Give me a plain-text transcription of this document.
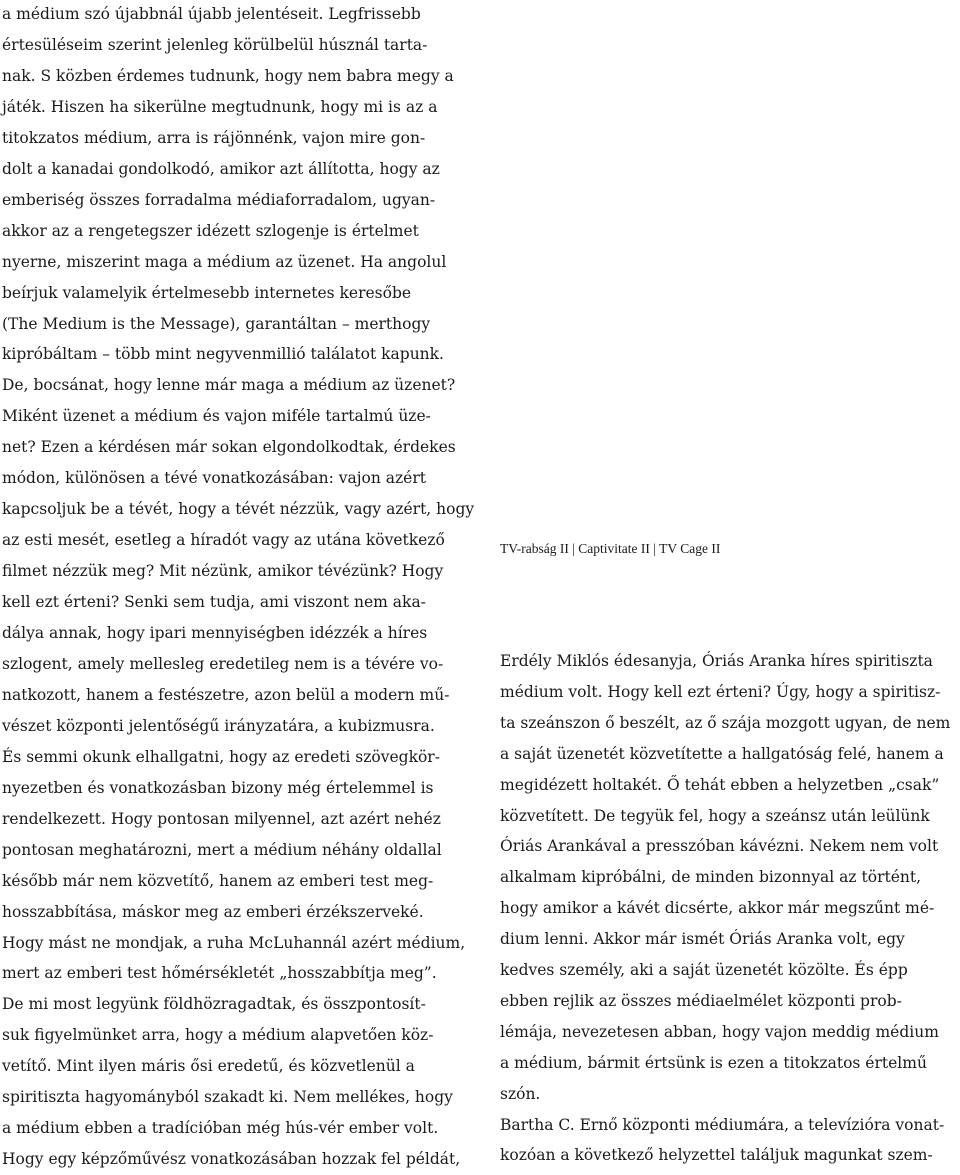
a médium szó újabbnál újabb jelentéseit. Legfrissebb
értesüléseim szerint jelenleg körülbelül húsznál tarta-
nak. S közben érdemes tudnunk, hogy nem babra megy a
játék. Hiszen ha sikerülne megtudnunk, hogy mi is az a
titokzatos médium, arra is rájönnénk, vajon mire gon-
dolt a kanadai gondolkodó, amikor azt állította, hogy az
emberiség összes forradalma médiaforradalom, ugyan-
akkor az a rengetegszer idézett szlogenje is értelmet
nyerne, miszerint maga a médium az üzenet. Ha angolul
beírjuk valamelyik értelmesebb internetes keresőbe
(The Medium is the Message), garantáltan – merthogy
kipróbáltam – több mint negyvenmillió találatot kapunk.
De, bocsánat, hogy lenne már maga a médium az üzenet?
Miként üzenet a médium és vajon miféle tartalmú üze-
net? Ezen a kérdésen már sokan elgondolkodtak, érdekes
módon, különösen a tévé vonatkozásában: vajon azért
kapcsoljuk be a tévét, hogy a tévét nézzük, vagy azért, hogy
az esti mesét, esetleg a híradót vagy az utána következő
filmet nézzük meg? Mit nézünk, amikor tévézünk? Hogy
kell ezt érteni? Senki sem tudja, ami viszont nem aka-
dálya annak, hogy ipari mennyiségben idézzék a híres
szlogent, amely mellesleg eredetileg nem is a tévére vo-
natkozott, hanem a festészetre, azon belül a modern mű-
vészet központi jelentőségű irányzatára, a kubizmusra.
És semmi okunk elhallgatni, hogy az eredeti szövegkör-
nyezetben és vonatkozásban bizony még értelemmel is
rendelkezett. Hogy pontosan milyennel, azt azért nehéz
pontosan meghatározni, mert a médium néhány oldallal
később már nem közvetítő, hanem az emberi test meg-
hosszabbítása, máskor meg az emberi érzékszerveké.
Hogy mást ne mondjak, a ruha McLuhannál azért médium,
mert az emberi test hőmérsékletét „hosszabbítja meg”.
De mi most legyünk földhözragadtak, és összpontosít-
suk figyelmünket arra, hogy a médium alapvetően köz-
vetítő. Mint ilyen máris ősi eredetű, és közvetlenül a
spiritiszta hagyományból szakadt ki. Nem mellékes, hogy
a médium ebben a tradícióban még hús-vér ember volt.
Hogy egy képzőművész vonatkozásában hozzak fel példát,
TV-rabság II | Captivitate II | TV Cage II
Erdély Miklós édesanyja, Óriás Aranka híres spiritiszta
médium volt. Hogy kell ezt érteni? Úgy, hogy a spiritisz-
ta szeánszon ő beszélt, az ő szája mozgott ugyan, de nem
a saját üzenetét közvetítette a hallgatóság felé, hanem a
megidézett holtakét. Ő tehát ebben a helyzetben „csak”
közvetített. De tegyük fel, hogy a szeánsz után leülünk
Óriás Arankával a presszóban kávézni. Nekem nem volt
alkalmam kipróbálni, de minden bizonnyal az történt,
hogy amikor a kávét dicsérte, akkor már megszűnt mé-
dium lenni. Akkor már ismét Óriás Aranka volt, egy
kedves személy, aki a saját üzenetét közölte. És épp
ebben rejlik az összes médiaelmélet központi prob-
lémája, nevezetesen abban, hogy vajon meddig médium
a médium, bármit értsünk is ezen a titokzatos értelmű
szón.
Bartha C. Ernő központi médiumára, a televízióra vonat-
kozóan a következő helyzettel találjuk magunkat szem-
